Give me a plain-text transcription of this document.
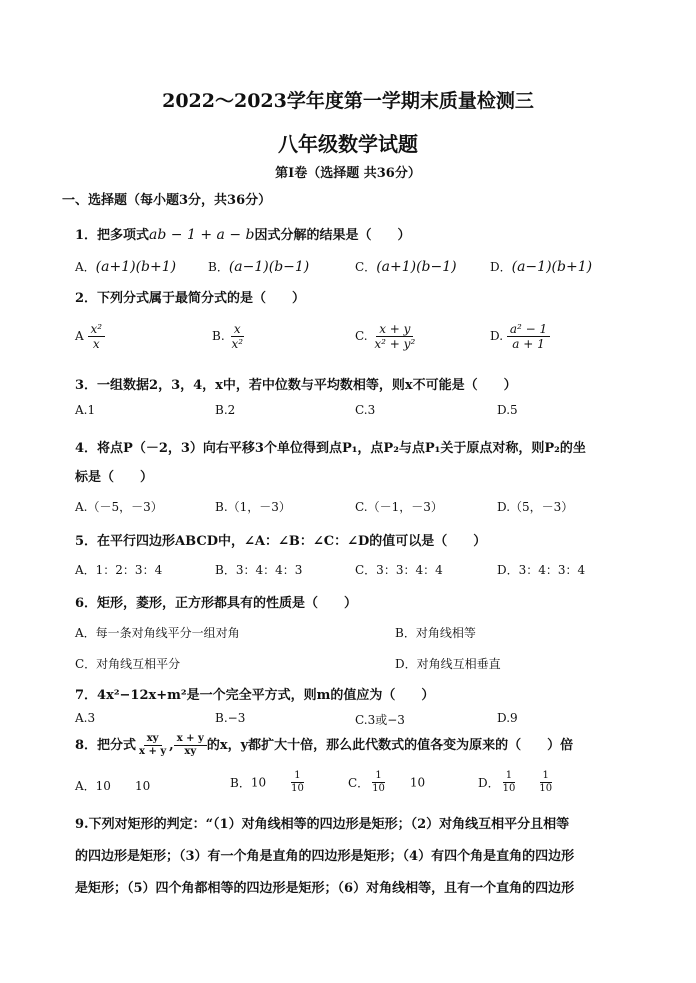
2022～2023学年度第一学期末质量检测三
八年级数学试题
第Ⅰ卷（选择题 共36分）
一、选择题（每小题3分，共36分）
1．把多项式ab − 1 + a − b因式分解的结果是（　　）
A．(a+1)(b+1)	B．(a−1)(b−1)	C．(a+1)(b−1)	D．(a−1)(b+1)
2．下列分式属于最简分式的是（　　）
A $\frac{\text{x²}}{x}$	B. $\frac{x}{\text{x²}}$	C. $\frac{x + y}{\text{x² + y²}}$	D. $\frac{\text{a² − 1}}{a + 1}$
3．一组数据2，3，4，x中，若中位数与平均数相等，则x不可能是（　　）
A.1	B.2	C.3	D.5
4．将点P（－2，3）向右平移3个单位得到点P₁，点P₂与点P₁关于原点对称，则P₂的坐
标是（　　）
A.（－5，－3）	B.（1，－3）	C.（－1，－3）	D.（5，－3）
5．在平行四边形ABCD中，∠A：∠B：∠C：∠D的值可以是（　　）
A．1：2：3：4	B．3：4：4：3	C．3：3：4：4	D．3：4：3：4
6．矩形，菱形，正方形都具有的性质是（　　）
A．每一条对角线平分一组对角	B．对角线相等
C．对角线互相平分	D．对角线互相垂直
7．4x²−12x+m²是一个完全平方式，则m的值应为（　　）
A.3	B.−3	C.3或−3	D.9
8．把分式 $\frac{xy}{x + y}$ , $\frac{x + y}{xy}$ 的x，y都扩大十倍，那么此代数式的值各变为原来的（　　）倍
A．10　　10	B．$10 \frac{1}{10}$	C． $\frac{1}{10} 10$	D． $\frac{1}{10} \frac{1}{10}$
9.下列对矩形的判定：“（1）对角线相等的四边形是矩形；（2）对角线互相平分且相等
的四边形是矩形；（3）有一个角是直角的四边形是矩形；（4）有四个角是直角的四边形
是矩形；（5）四个角都相等的四边形是矩形；（6）对角线相等，且有一个直角的四边形
